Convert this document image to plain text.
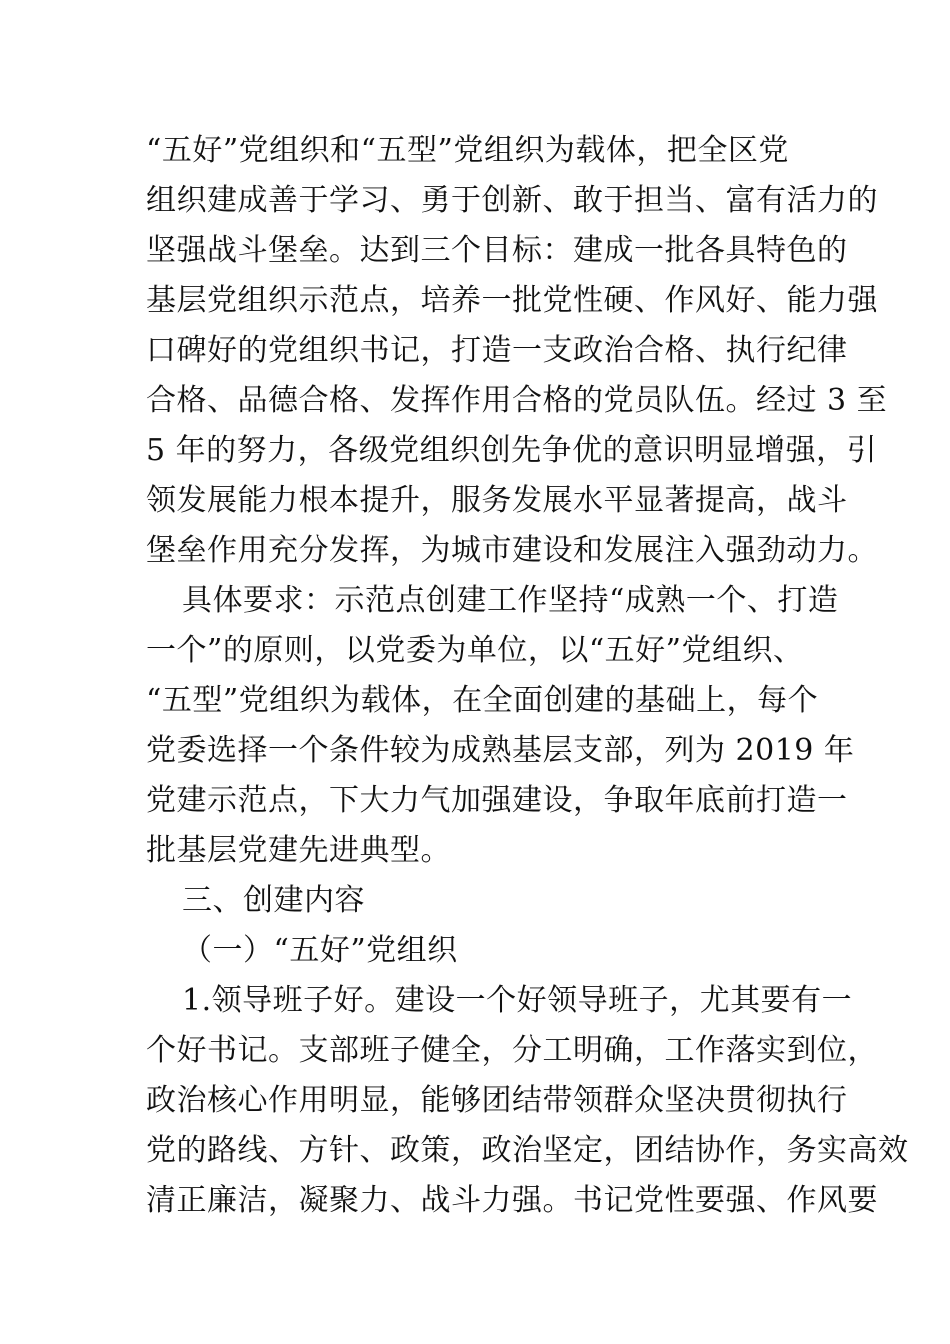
“五好”党组织和“五型”党组织为载体，把全区党
组织建成善于学习、勇于创新、敢于担当、富有活力的
坚强战斗堡垒。达到三个目标：建成一批各具特色的
基层党组织示范点，培养一批党性硬、作风好、能力强
口碑好的党组织书记，打造一支政治合格、执行纪律
合格、品德合格、发挥作用合格的党员队伍。经过 3 至
5 年的努力，各级党组织创先争优的意识明显增强，引
领发展能力根本提升，服务发展水平显著提高，战斗
堡垒作用充分发挥，为城市建设和发展注入强劲动力。
具体要求：示范点创建工作坚持“成熟一个、打造
一个”的原则，以党委为单位，以“五好”党组织、
“五型”党组织为载体，在全面创建的基础上，每个
党委选择一个条件较为成熟基层支部，列为 2019 年
党建示范点，下大力气加强建设，争取年底前打造一
批基层党建先进典型。
三、创建内容
（一）“五好”党组织
1.领导班子好。建设一个好领导班子，尤其要有一
个好书记。支部班子健全，分工明确，工作落实到位，
政治核心作用明显，能够团结带领群众坚决贯彻执行
党的路线、方针、政策，政治坚定，团结协作，务实高效
清正廉洁，凝聚力、战斗力强。书记党性要强、作风要
